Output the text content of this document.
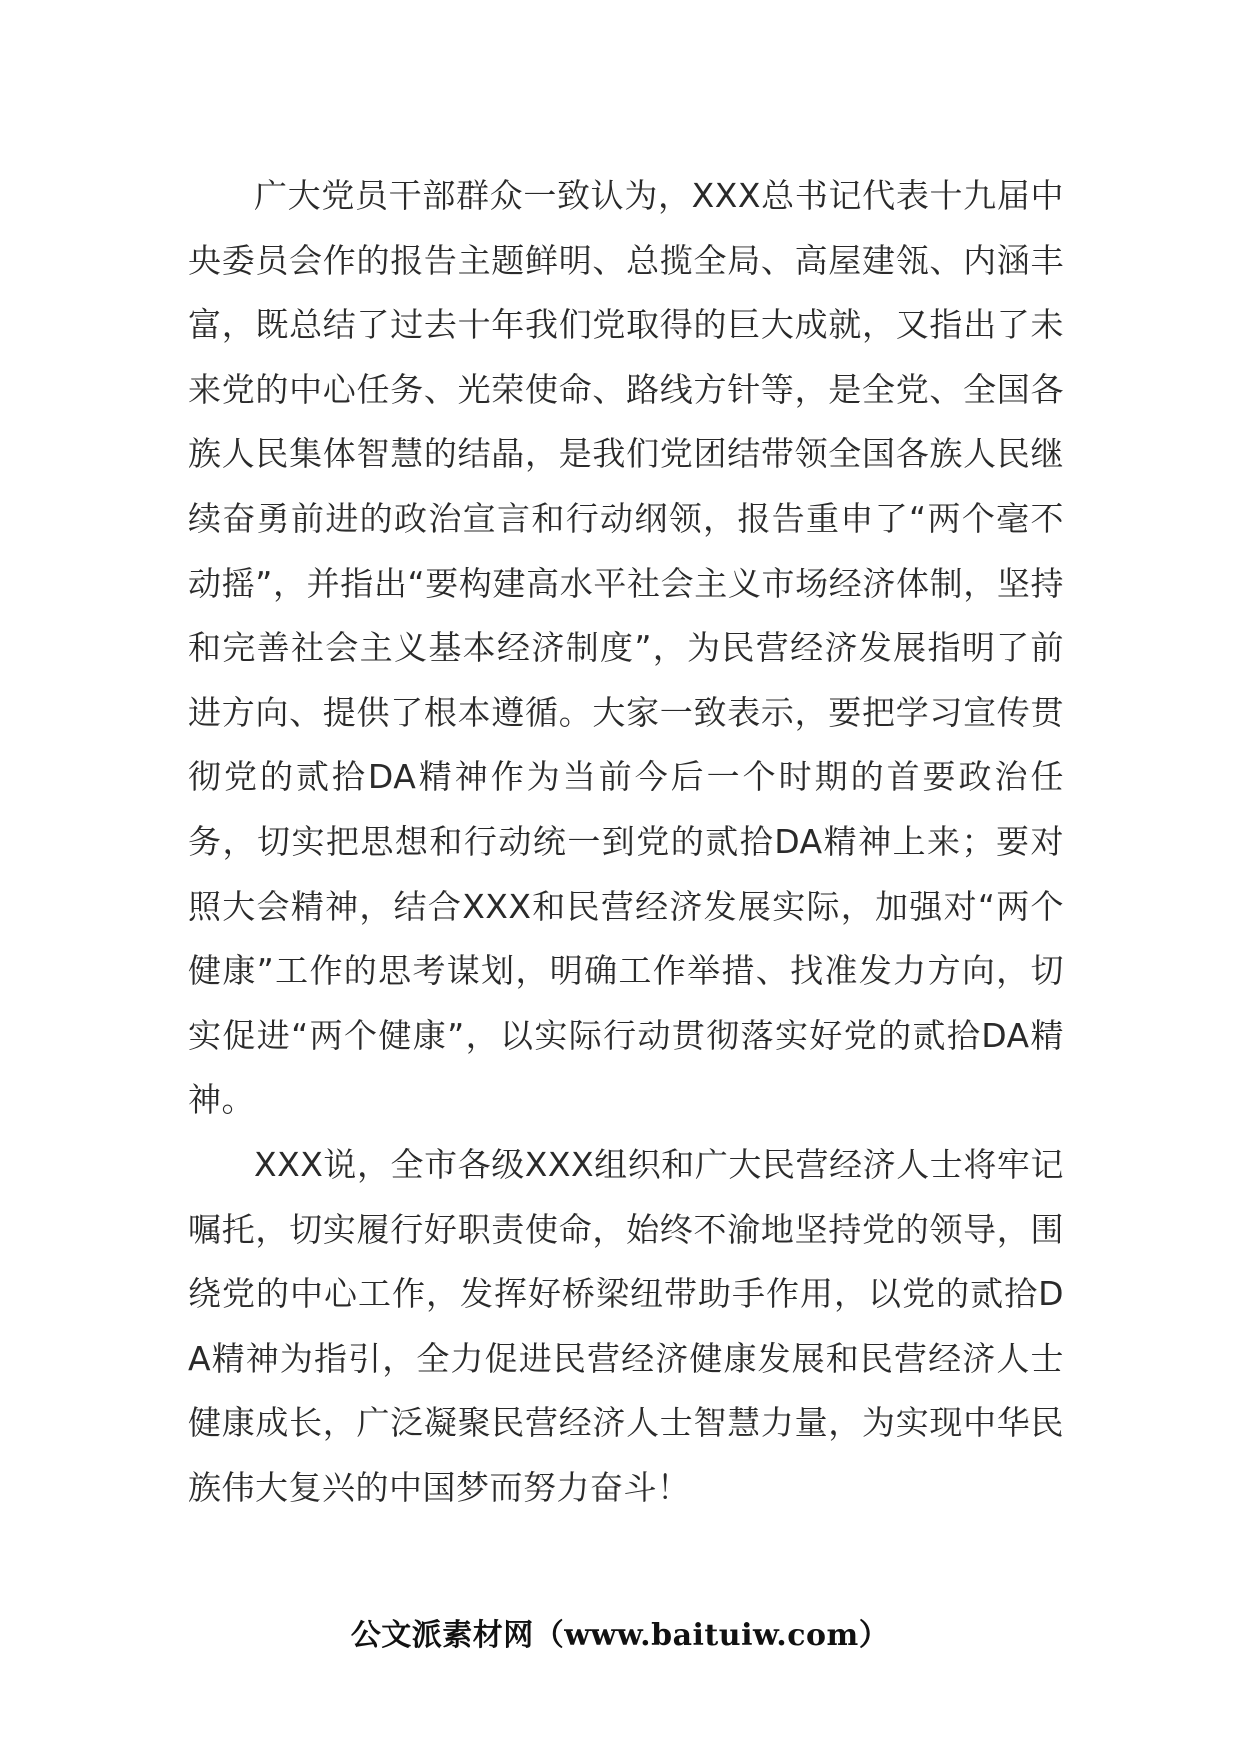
广大党员干部群众一致认为，XXX总书记代表十九届中央委员会作的报告主题鲜明、总揽全局、高屋建瓴、内涵丰富，既总结了过去十年我们党取得的巨大成就，又指出了未来党的中心任务、光荣使命、路线方针等，是全党、全国各族人民集体智慧的结晶，是我们党团结带领全国各族人民继续奋勇前进的政治宣言和行动纲领，报告重申了“两个毫不动摇”，并指出“要构建高水平社会主义市场经济体制，坚持和完善社会主义基本经济制度”，为民营经济发展指明了前进方向、提供了根本遵循。大家一致表示，要把学习宣传贯彻党的贰拾DA精神作为当前今后一个时期的首要政治任务，切实把思想和行动统一到党的贰拾DA精神上来；要对照大会精神，结合XXX和民营经济发展实际，加强对“两个健康”工作的思考谋划，明确工作举措、找准发力方向，切实促进“两个健康”，以实际行动贯彻落实好党的贰拾DA精神。

XXX说，全市各级XXX组织和广大民营经济人士将牢记嘱托，切实履行好职责使命，始终不渝地坚持党的领导，围绕党的中心工作，发挥好桥梁纽带助手作用，以党的贰拾DA精神为指引，全力促进民营经济健康发展和民营经济人士健康成长，广泛凝聚民营经济人士智慧力量，为实现中华民族伟大复兴的中国梦而努力奋斗！

公文派素材网（www.baituiw.com）
